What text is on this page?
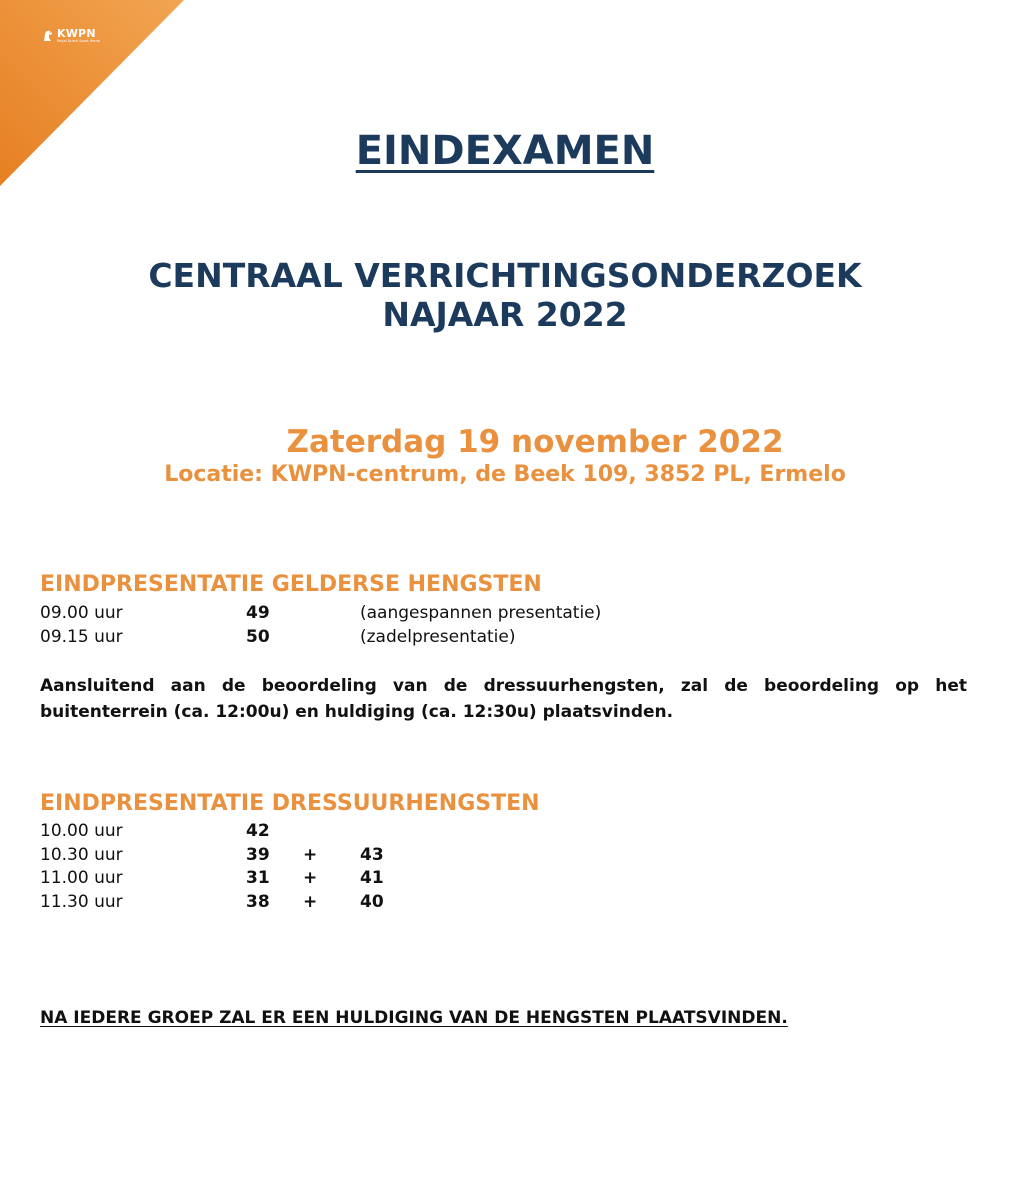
KWPN
Royal Dutch Sport Horse
EINDEXAMEN
CENTRAAL VERRICHTINGSONDERZOEK
NAJAAR 2022
Zaterdag 19 november 2022
Locatie: KWPN-centrum, de Beek 109, 3852 PL, Ermelo
EINDPRESENTATIE GELDERSE HENGSTEN
09.00 uur	49	(aangespannen presentatie)
09.15 uur	50	(zadelpresentatie)

Aansluitend aan de beoordeling van de dressuurhengsten, zal de beoordeling op het buitenterrein (ca. 12:00u) en huldiging (ca. 12:30u) plaatsvinden.

EINDPRESENTATIE DRESSUURHENGSTEN
10.00 uur	42
10.30 uur	39 +	43
11.00 uur	31 +	41
11.30 uur	38 +	40

NA IEDERE GROEP ZAL ER EEN HULDIGING VAN DE HENGSTEN PLAATSVINDEN.
